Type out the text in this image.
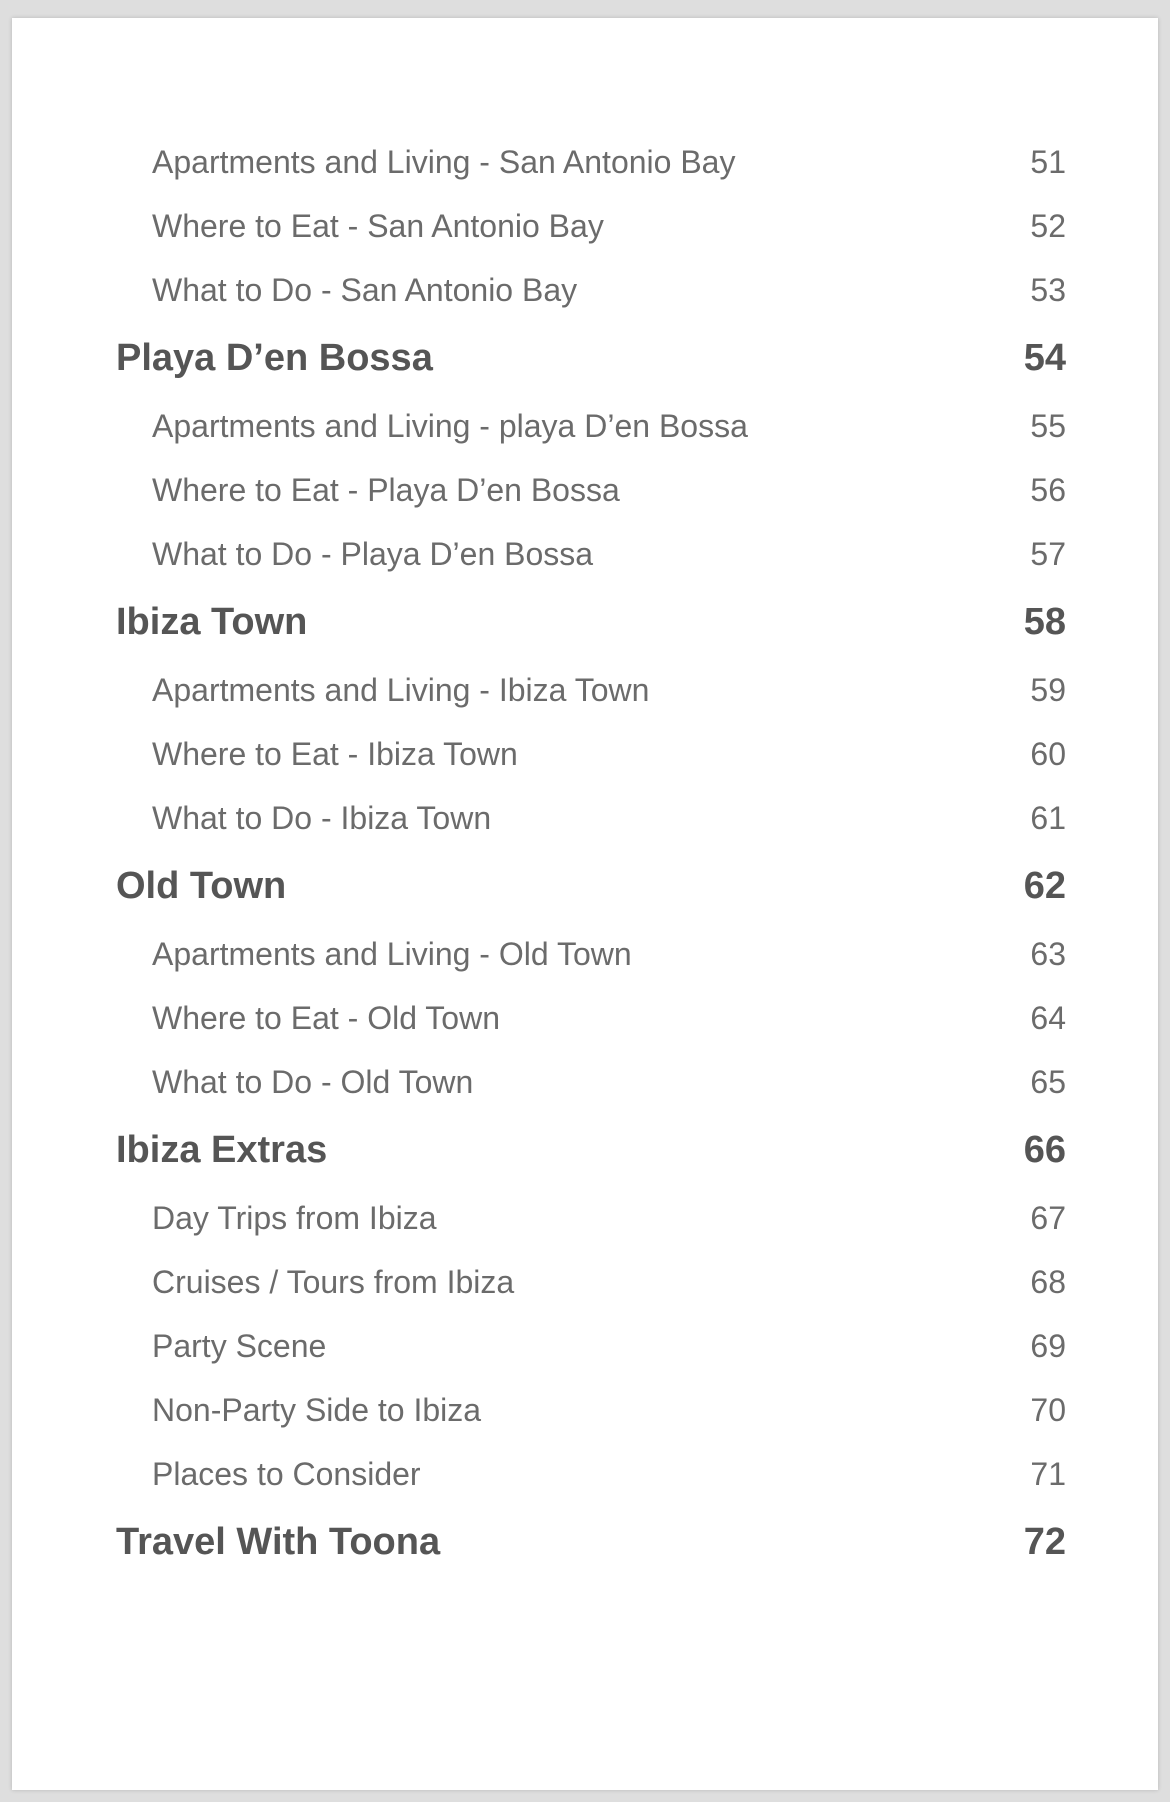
Apartments and Living - San Antonio Bay	51
Where to Eat - San Antonio Bay	52
What to Do - San Antonio Bay	53
Playa D’en Bossa	54
Apartments and Living - playa D’en Bossa	55
Where to Eat - Playa D’en Bossa	56
What to Do - Playa D’en Bossa	57
Ibiza Town	58
Apartments and Living - Ibiza Town	59
Where to Eat - Ibiza Town	60
What to Do - Ibiza Town	61
Old Town	62
Apartments and Living - Old Town	63
Where to Eat - Old Town	64
What to Do - Old Town	65
Ibiza Extras	66
Day Trips from Ibiza	67
Cruises / Tours from Ibiza	68
Party Scene	69
Non-Party Side to Ibiza	70
Places to Consider	71
Travel With Toona	72
